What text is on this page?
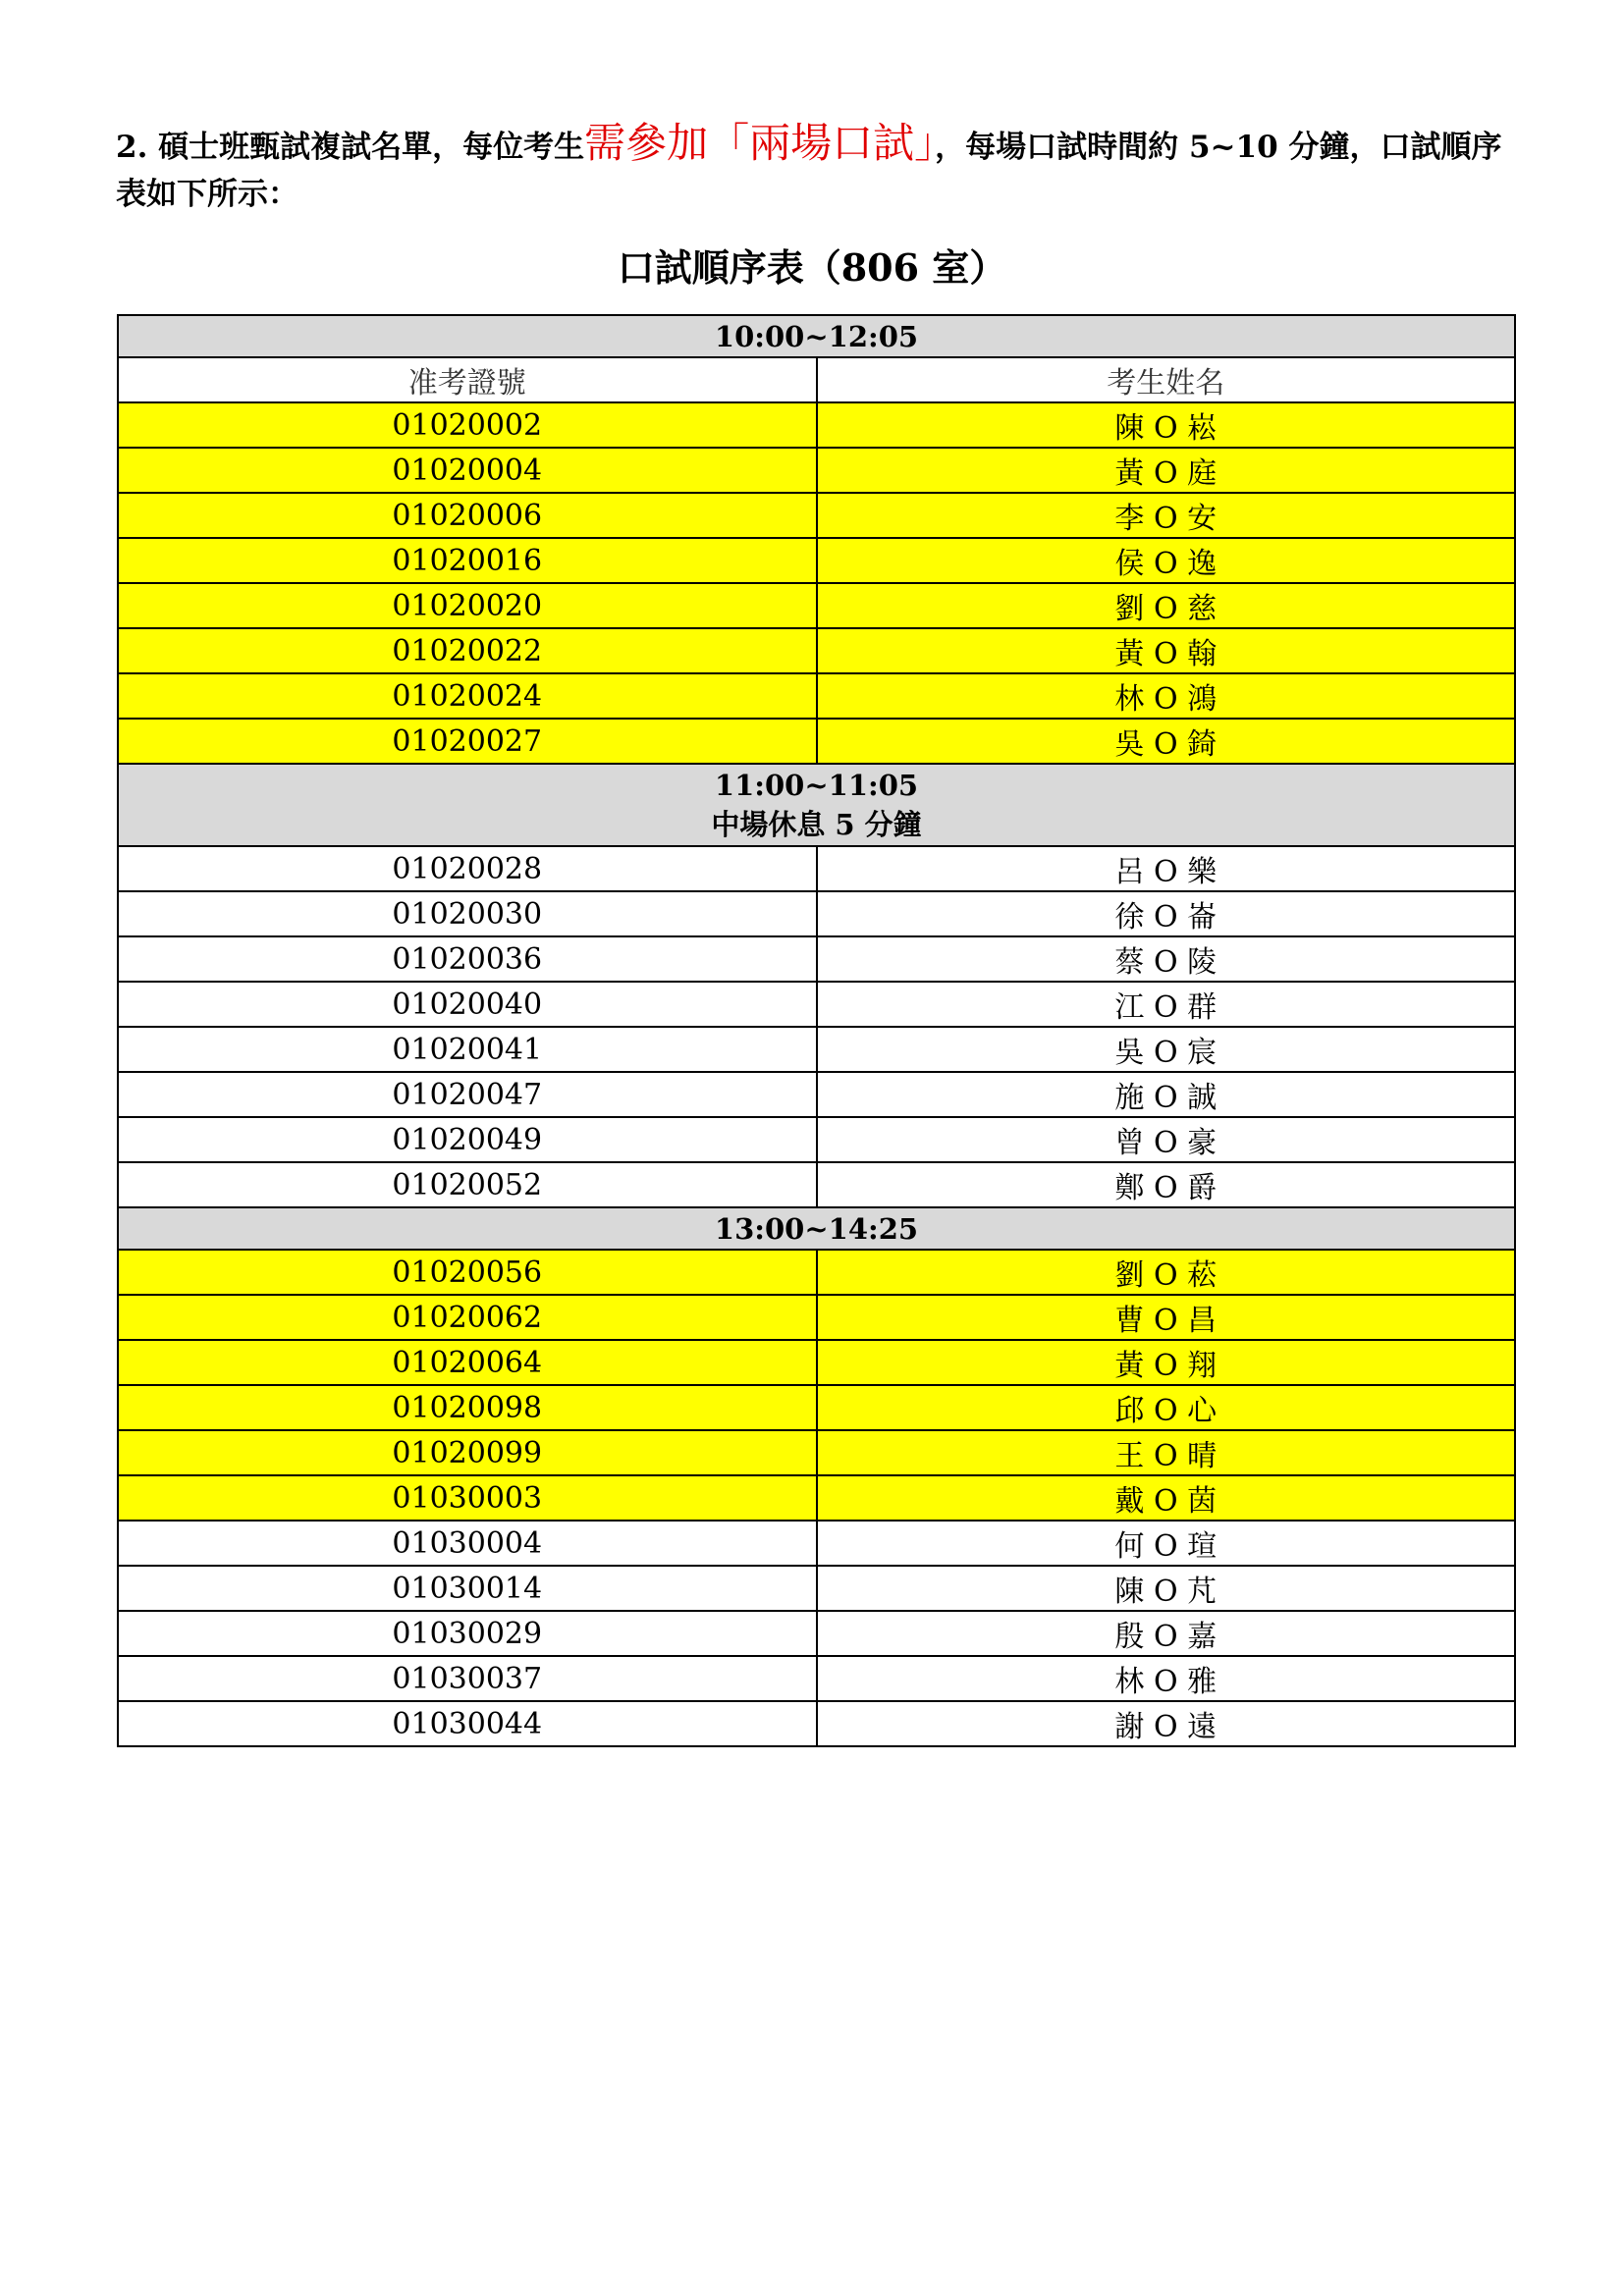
2. 碩士班甄試複試名單，每位考生需參加「兩場口試」，每場口試時間約 5~10 分鐘，口試順序表如下所示：
口試順序表（806 室）
10:00~12:05	

准考證號	考生姓名
01020002	陳 O 崧
01020004	黃 O 庭
01020006	李 O 安
01020016	侯 O 逸
01020020	劉 O 慈
01020022	黃 O 翰
01020024	林 O 鴻
01020027	吳 O 錡

11:00~11:05
中場休息 5 分鐘	

01020028	呂 O 樂
01020030	徐 O 崙
01020036	蔡 O 陵
01020040	江 O 群
01020041	吳 O 宸
01020047	施 O 誠
01020049	曾 O 豪
01020052	鄭 O 爵

13:00~14:25	

01020056	劉 O 菘
01020062	曹 O 昌
01020064	黃 O 翔
01020098	邱 O 心
01020099	王 O 晴
01030003	戴 O 茵
01030004	何 O 瑄
01030014	陳 O 芃
01030029	殷 O 嘉
01030037	林 O 雅
01030044	謝 O 遠
